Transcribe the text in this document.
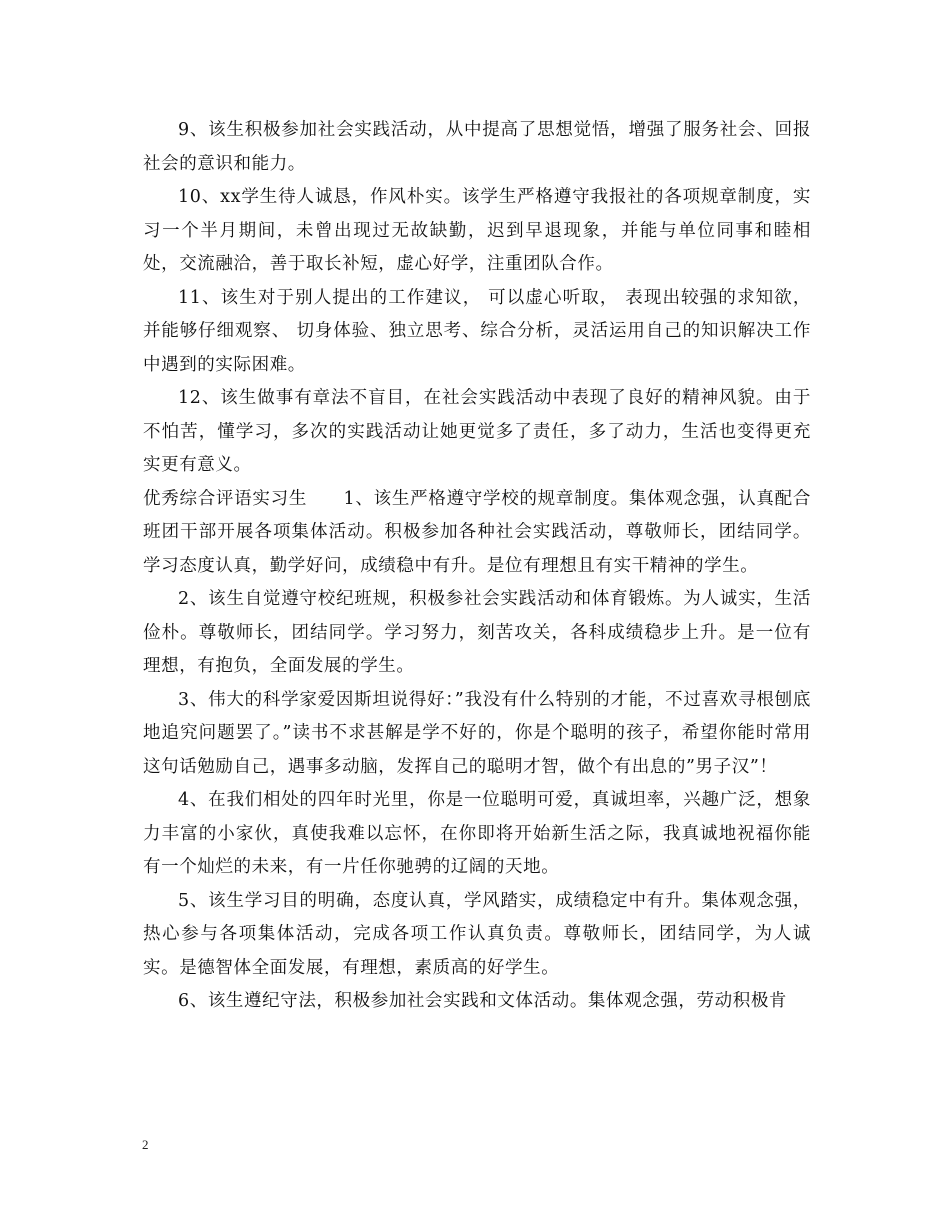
9、该生积极参加社会实践活动，从中提高了思想觉悟，增强了服务社会、回报社会的意识和能力。

10、xx学生待人诚恳，作风朴实。该学生严格遵守我报社的各项规章制度，实习一个半月期间，未曾出现过无故缺勤，迟到早退现象，并能与单位同事和睦相处，交流融洽，善于取长补短，虚心好学，注重团队合作。

11、该生对于别人提出的工作建议， 可以虚心听取， 表现出较强的求知欲， 并能够仔细观察、 切身体验、独立思考、综合分析，灵活运用自己的知识解决工作中遇到的实际困难。

12、该生做事有章法不盲目，在社会实践活动中表现了良好的精神风貌。由于不怕苦，懂学习，多次的实践活动让她更觉多了责任，多了动力，生活也变得更充实更有意义。

优秀综合评语实习生　　1、该生严格遵守学校的规章制度。集体观念强，认真配合班团干部开展各项集体活动。积极参加各种社会实践活动，尊敬师长，团结同学。学习态度认真，勤学好问，成绩稳中有升。是位有理想且有实干精神的学生。

2、该生自觉遵守校纪班规，积极参社会实践活动和体育锻炼。为人诚实，生活俭朴。尊敬师长，团结同学。学习努力，刻苦攻关，各科成绩稳步上升。是一位有理想，有抱负，全面发展的学生。

3、伟大的科学家爱因斯坦说得好：”我没有什么特别的才能，不过喜欢寻根刨底地追究问题罢了。”读书不求甚解是学不好的，你是个聪明的孩子，希望你能时常用这句话勉励自己，遇事多动脑，发挥自己的聪明才智，做个有出息的”男子汉”！

4、在我们相处的四年时光里，你是一位聪明可爱，真诚坦率，兴趣广泛，想象力丰富的小家伙，真使我难以忘怀，在你即将开始新生活之际，我真诚地祝福你能有一个灿烂的未来，有一片任你驰骋的辽阔的天地。

5、该生学习目的明确，态度认真，学风踏实，成绩稳定中有升。集体观念强，热心参与各项集体活动，完成各项工作认真负责。尊敬师长，团结同学，为人诚实。是德智体全面发展，有理想，素质高的好学生。

6、该生遵纪守法，积极参加社会实践和文体活动。集体观念强，劳动积极肯

2
